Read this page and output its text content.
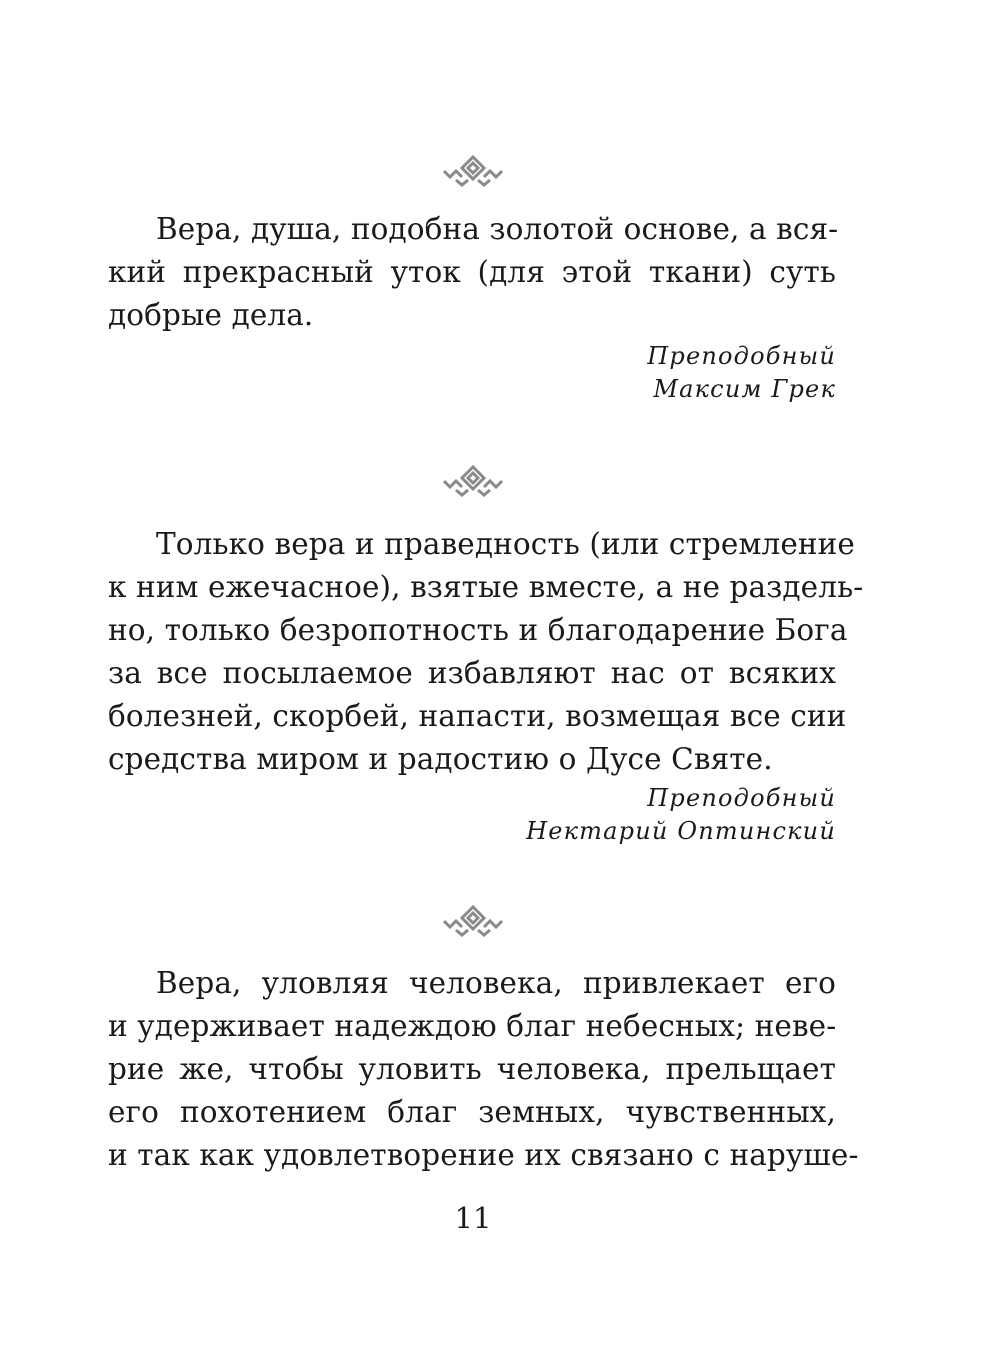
Вера, душа, подобна золотой основе, а вся-
кий прекрасный уток (для этой ткани) суть
добрые дела.
Преподобный
Максим Грек
Только вера и праведность (или стремление
к ним ежечасное), взятые вместе, а не раздель-
но, только безропотность и благодарение Бога
за все посылаемое избавляют нас от всяких
болезней, скорбей, напасти, возмещая все сии
средства миром и радостию о Дусе Святе.
Преподобный
Нектарий Оптинский
Вера, уловляя человека, привлекает его
и удерживает надеждою благ небесных; неве-
рие же, чтобы уловить человека, прельщает
его похотением благ земных, чувственных,
и так как удовлетворение их связано с наруше-
11
